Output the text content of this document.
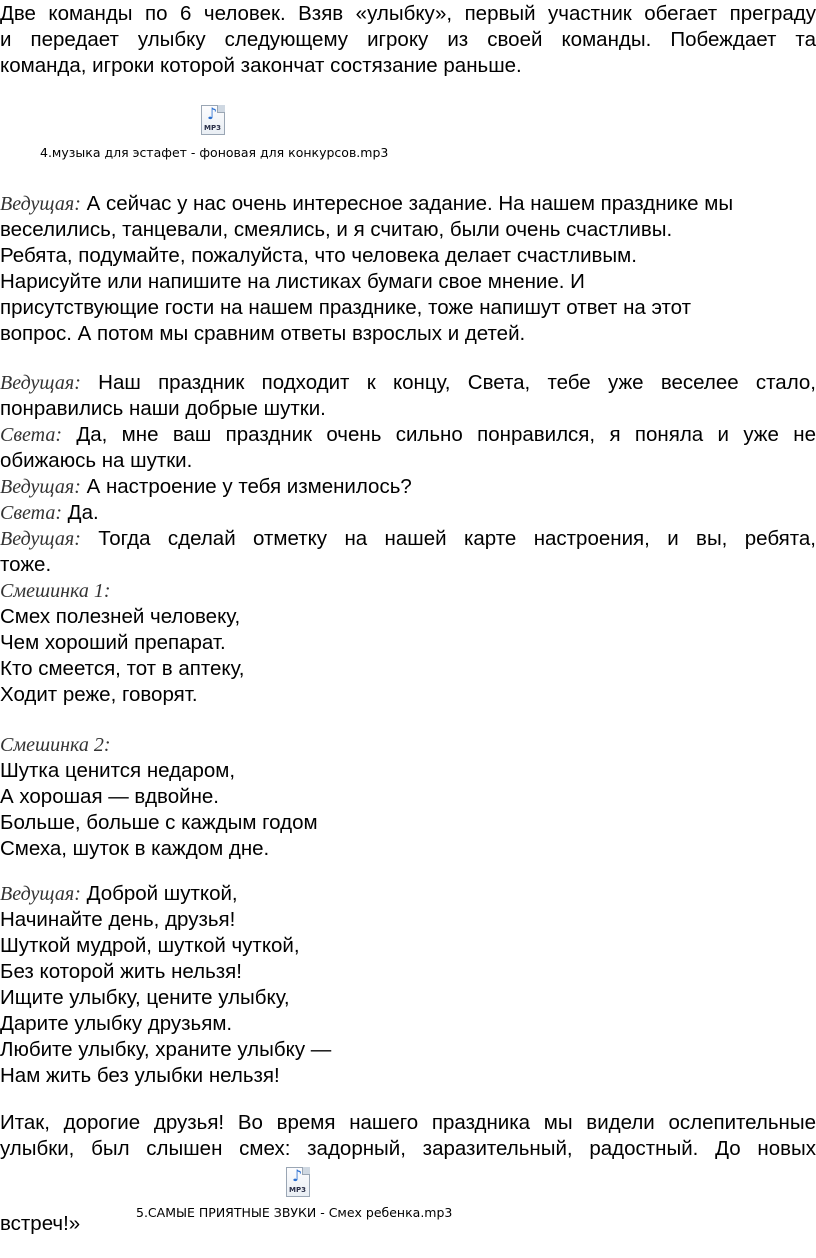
Две команды по 6 человек. Взяв «улыбку», первый участник обегает преграду
и передает улыбку следующему игроку из своей команды. Побеждает та
команда, игроки которой закончат состязание раньше.
♪
MP3
4.музыка для эстафет - фоновая для конкурсов.mp3
Ведущая: А сейчас у нас очень интересное задание. На нашем празднике мы
веселились, танцевали, смеялись, и я считаю, были очень счастливы.
Ребята, подумайте, пожалуйста, что человека делает счастливым.
Нарисуйте или напишите на листиках бумаги свое мнение. И
присутствующие гости на нашем празднике, тоже напишут ответ на этот
вопрос. А потом мы сравним ответы взрослых и детей.
Ведущая: Наш праздник подходит к концу, Света, тебе уже веселее стало,
понравились наши добрые шутки.
Света: Да, мне ваш праздник очень сильно понравился, я поняла и уже не
обижаюсь на шутки.
Ведущая: А настроение у тебя изменилось?
Света: Да.
Ведущая: Тогда сделай отметку на нашей карте настроения, и вы, ребята,
тоже.
Смешинка 1:
Смех полезней человеку,
Чем хороший препарат.
Кто смеется, тот в аптеку,
Ходит реже, говорят.
Смешинка 2:
Шутка ценится недаром,
А хорошая — вдвойне.
Больше, больше с каждым годом
Смеха, шуток в каждом дне.
Ведущая: Доброй шуткой,
Начинайте день, друзья!
Шуткой мудрой, шуткой чуткой,
Без которой жить нельзя!
Ищите улыбку, цените улыбку,
Дарите улыбку друзьям.
Любите улыбку, храните улыбку —
Нам жить без улыбки нельзя!
Итак, дорогие друзья! Во время нашего праздника мы видели ослепительные
улыбки, был слышен смех: задорный, заразительный, радостный. До новых
встреч!»
♪
MP3
5.САМЫЕ ПРИЯТНЫЕ ЗВУКИ - Смех ребенка.mp3
